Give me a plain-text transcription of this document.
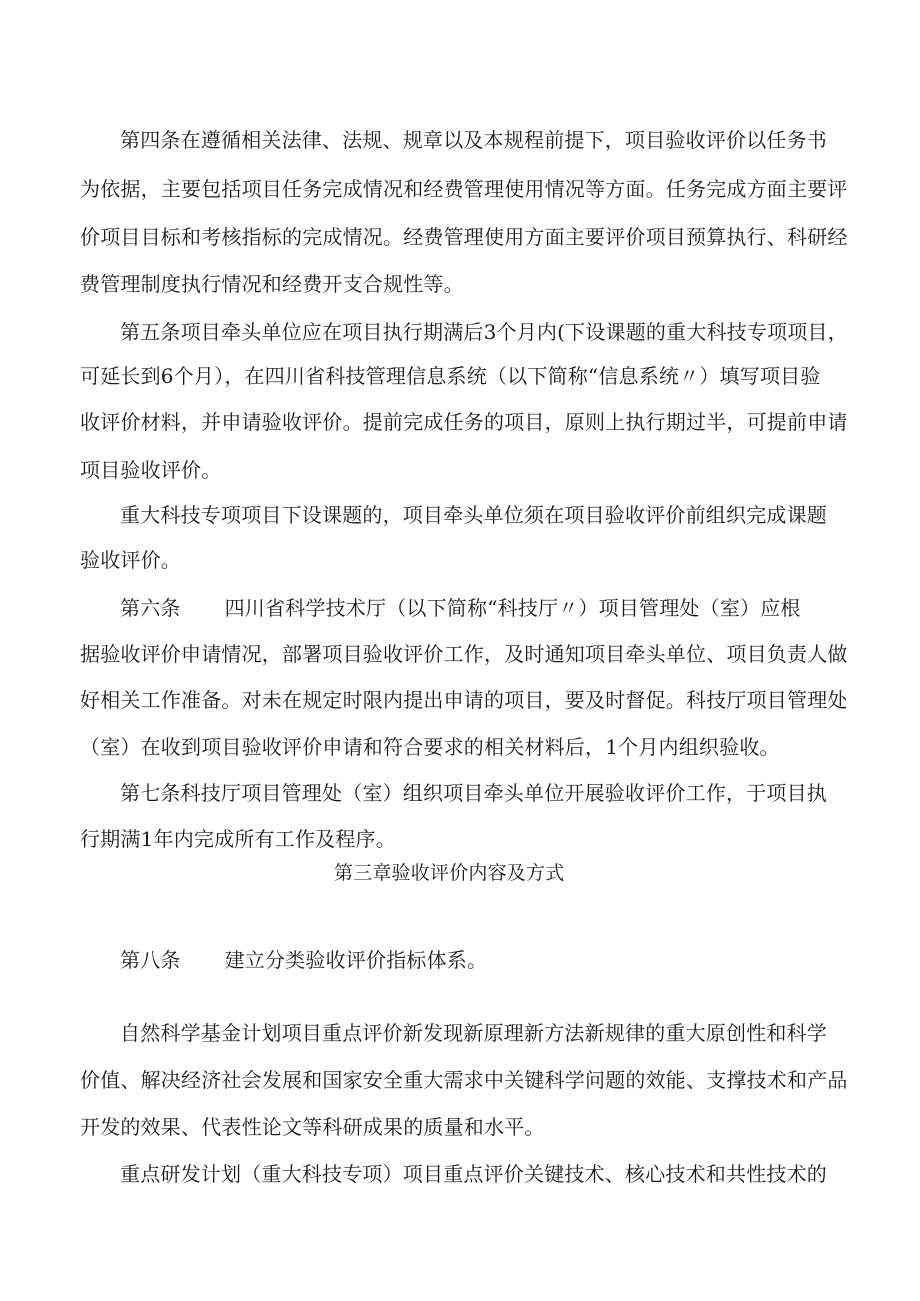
第四条在遵循相关法律、法规、规章以及本规程前提下，项目验收评价以任务书
为依据，主要包括项目任务完成情况和经费管理使用情况等方面。任务完成方面主要评
价项目目标和考核指标的完成情况。经费管理使用方面主要评价项目预算执行、科研经
费管理制度执行情况和经费开支合规性等。
第五条项目牵头单位应在项目执行期满后3个月内(下设课题的重大科技专项项目，
可延长到6个月），在四川省科技管理信息系统（以下简称“信息系统〃）填写项目验
收评价材料，并申请验收评价。提前完成任务的项目，原则上执行期过半，可提前申请
项目验收评价。
重大科技专项项目下设课题的，项目牵头单位须在项目验收评价前组织完成课题
验收评价。
第六条 四川省科学技术厅（以下简称“科技厅〃）项目管理处（室）应根
据验收评价申请情况，部署项目验收评价工作，及时通知项目牵头单位、项目负责人做
好相关工作准备。对未在规定时限内提出申请的项目，要及时督促。科技厅项目管理处
（室）在收到项目验收评价申请和符合要求的相关材料后，1个月内组织验收。
第七条科技厅项目管理处（室）组织项目牵头单位开展验收评价工作，于项目执
行期满1年内完成所有工作及程序。
第三章验收评价内容及方式
第八条 建立分类验收评价指标体系。
自然科学基金计划项目重点评价新发现新原理新方法新规律的重大原创性和科学
价值、解决经济社会发展和国家安全重大需求中关键科学问题的效能、支撑技术和产品
开发的效果、代表性论文等科研成果的质量和水平。
重点研发计划（重大科技专项）项目重点评价关键技术、核心技术和共性技术的
